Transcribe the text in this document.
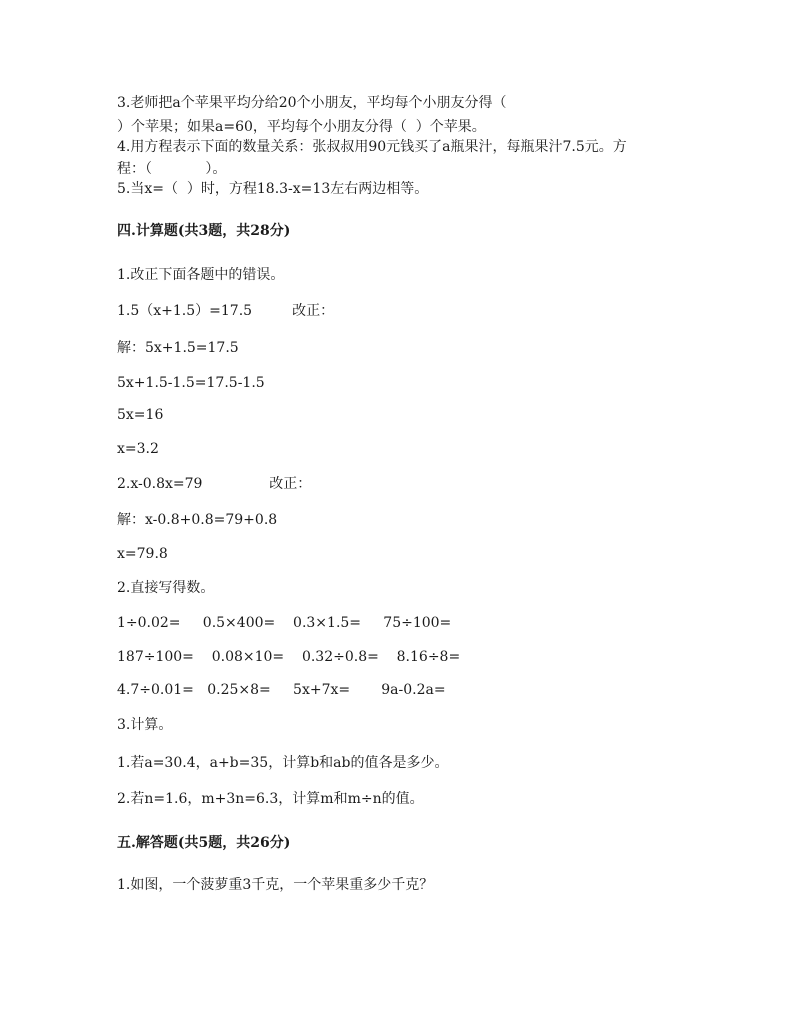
3.老师把a个苹果平均分给20个小朋友，平均每个小朋友分得（
）个苹果；如果a=60，平均每个小朋友分得（  ）个苹果。
4.用方程表示下面的数量关系：张叔叔用90元钱买了a瓶果汁，每瓶果汁7.5元。方
程：（            ）。
5.当x=（  ）时，方程18.3-x=13左右两边相等。
四.计算题(共3题，共28分)
1.改正下面各题中的错误。
1.5（x+1.5）=17.5         改正：
解：5x+1.5=17.5
5x+1.5-1.5=17.5-1.5
5x=16
x=3.2
2.x-0.8x=79               改正：
解：x-0.8+0.8=79+0.8
x=79.8
2.直接写得数。
1÷0.02=     0.5×400=    0.3×1.5=     75÷100=
187÷100=    0.08×10=    0.32÷0.8=    8.16÷8=
4.7÷0.01=   0.25×8=     5x+7x=       9a-0.2a=
3.计算。
1.若a=30.4，a+b=35，计算b和ab的值各是多少。
2.若n=1.6，m+3n=6.3，计算m和m÷n的值。
五.解答题(共5题，共26分)
1.如图，一个菠萝重3千克，一个苹果重多少千克？
